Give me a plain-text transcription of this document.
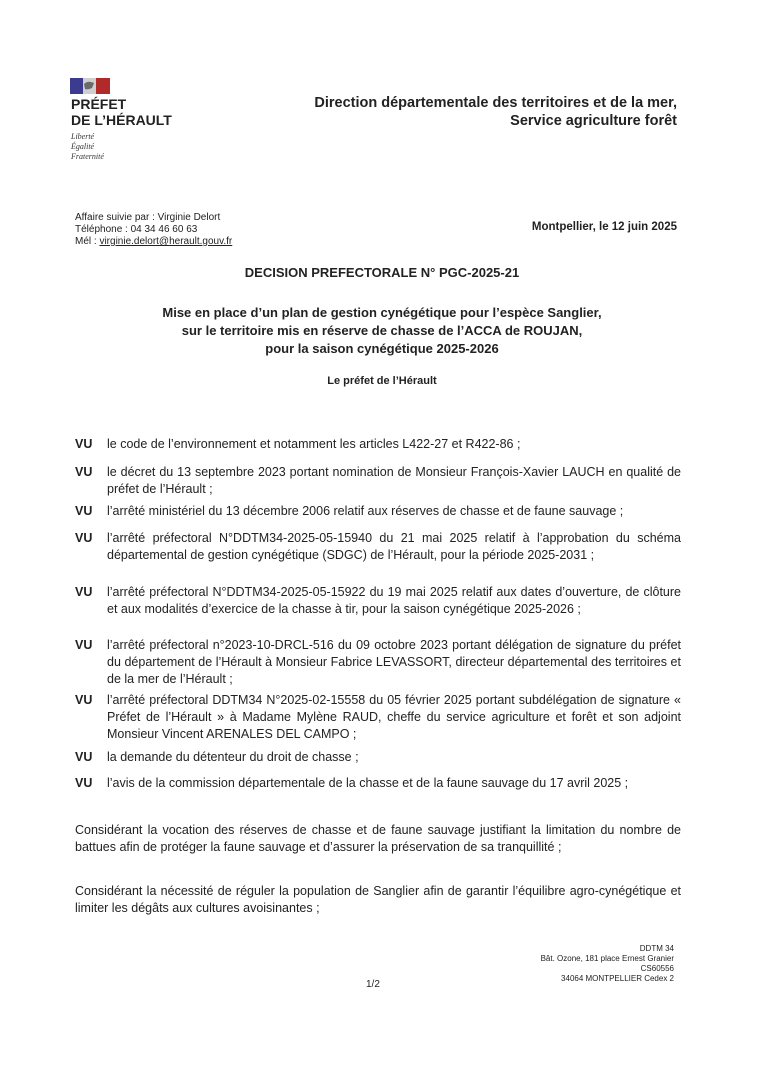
PRÉFET
DE L’HÉRAULT
Liberté
Égalité
Fraternité
Direction départementale des territoires et de la mer,
Service agriculture forêt
Affaire suivie par : Virginie Delort
Téléphone : 04 34 46 60 63
Mél : virginie.delort@herault.gouv.fr
Montpellier, le 12 juin 2025
DECISION PREFECTORALE N° PGC-2025-21
Mise en place d’un plan de gestion cynégétique pour l’espèce Sanglier,
sur le territoire mis en réserve de chasse de l’ACCA de ROUJAN,
pour la saison cynégétique 2025-2026
Le préfet de l’Hérault
VU	le code de l’environnement et notamment les articles L422-27 et R422-86 ;
VU	le décret du 13 septembre 2023 portant nomination de Monsieur François-Xavier LAUCH en qualité de préfet de l’Hérault ;
VU	l’arrêté ministériel du 13 décembre 2006 relatif aux réserves de chasse et de faune sauvage ;
VU	l’arrêté préfectoral N°DDTM34-2025-05-15940 du 21 mai 2025 relatif à l’approbation du schéma départemental de gestion cynégétique (SDGC) de l’Hérault, pour la période 2025-2031 ;
VU	l’arrêté préfectoral N°DDTM34-2025-05-15922 du 19 mai 2025 relatif aux dates d’ouverture, de clôture et aux modalités d’exercice de la chasse à tir, pour la saison cynégétique 2025-2026 ;
VU	l’arrêté préfectoral n°2023-10-DRCL-516 du 09 octobre 2023 portant délégation de signature du préfet du département de l’Hérault à Monsieur Fabrice LEVASSORT, directeur départemental des territoires et de la mer de l’Hérault ;
VU	l’arrêté préfectoral DDTM34 N°2025-02-15558 du 05 février 2025 portant subdélégation de signature « Préfet de l’Hérault » à Madame Mylène RAUD, cheffe du service agriculture et forêt et son adjoint Monsieur Vincent ARENALES DEL CAMPO ;
VU	la demande du détenteur du droit de chasse ;
VU	l’avis de la commission départementale de la chasse et de la faune sauvage du 17 avril 2025 ;
Considérant la vocation des réserves de chasse et de faune sauvage justifiant la limitation du nombre de battues afin de protéger la faune sauvage et d’assurer la préservation de sa tranquillité ;
Considérant la nécessité de réguler la population de Sanglier afin de garantir l’équilibre agro-cynégétique et limiter les dégâts aux cultures avoisinantes ;
DDTM 34
Bât. Ozone, 181 place Ernest Granier
CS60556
34064 MONTPELLIER Cedex 2
1/2
